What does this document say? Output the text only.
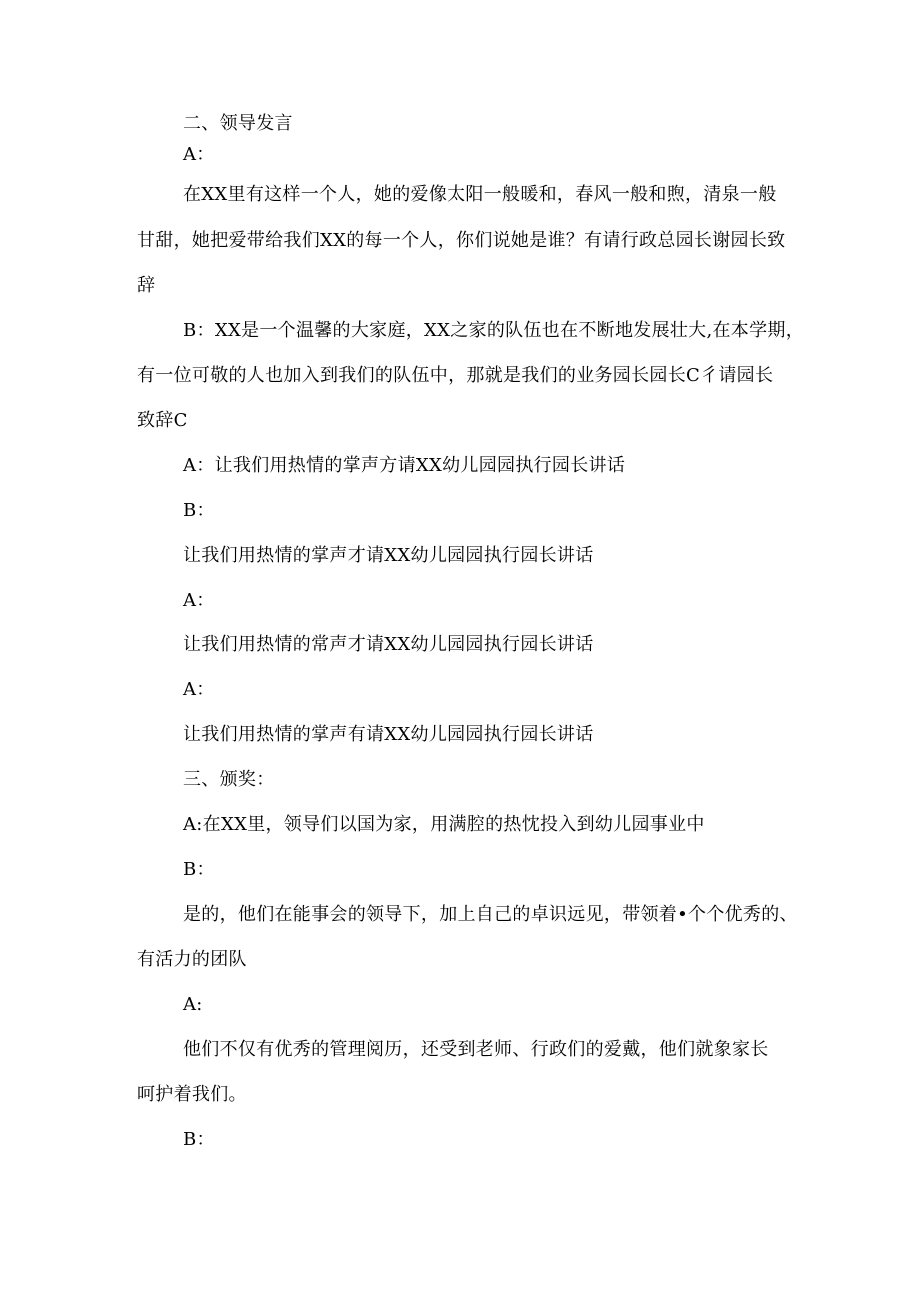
二、领导发言

A：

在XX里有这样一个人，她的爱像太阳一般暖和，春风一般和煦，清泉一般

甘甜，她把爱带给我们XX的每一个人，你们说她是谁？有请行政总园长谢园长致

辞

B：XX是一个温馨的大家庭，XX之家的队伍也在不断地发展壮大,在本学期，

有一位可敬的人也加入到我们的队伍中，那就是我们的业务园长园长C彳请园长

致辞C

A：让我们用热情的掌声方请XX幼儿园园执行园长讲话

B：

让我们用热情的掌声才请XX幼儿园园执行园长讲话

A：

让我们用热情的常声才请XX幼儿园园执行园长讲话

A：

让我们用热情的掌声有请XX幼儿园园执行园长讲话

三、颁奖：

A:在XX里，领导们以国为家，用满腔的热忱投入到幼儿园事业中

B：

是的，他们在能事会的领导下，加上自己的卓识远见，带领着•个个优秀的、

有活力的团队

A:

他们不仅有优秀的管理阅历，还受到老师、行政们的爱戴，他们就象家长

呵护着我们。

B：
